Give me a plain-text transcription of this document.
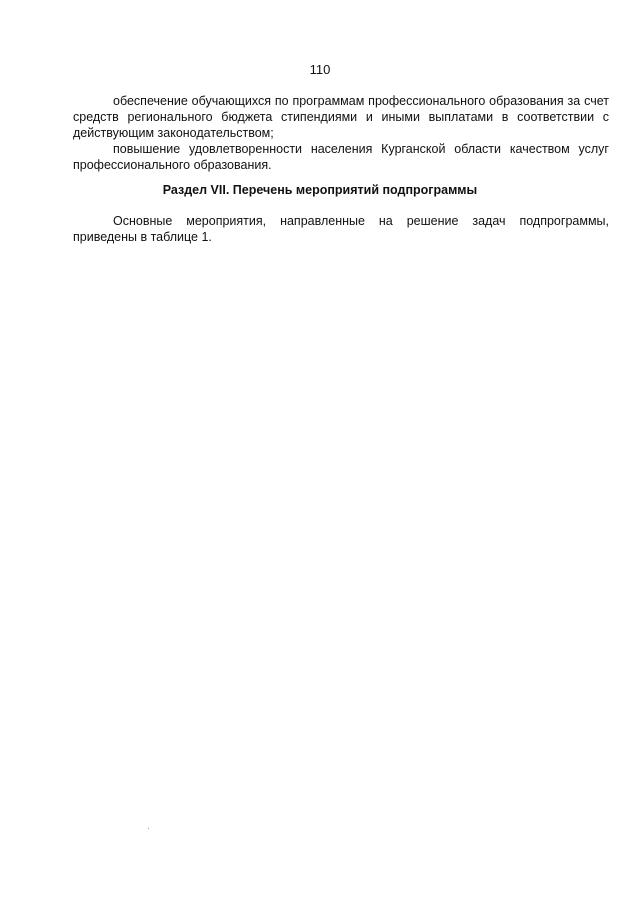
110

обеспечение обучающихся по программам профессионального образования за счет средств регионального бюджета стипендиями и иными выплатами в соответствии с действующим законодательством;

повышение удовлетворенности населения Курганской области качеством услуг профессионального образования.

Раздел VII. Перечень мероприятий подпрограммы

Основные мероприятия, направленные на решение задач подпрограммы, приведены в таблице 1.
